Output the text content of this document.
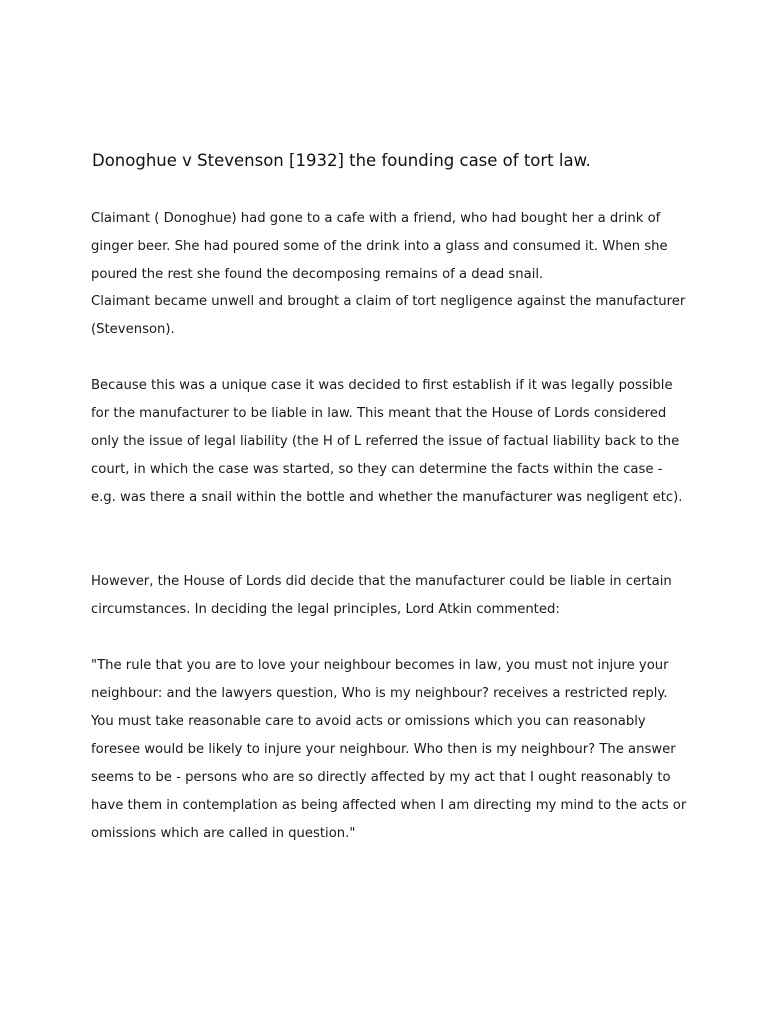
Donoghue v Stevenson [1932] the founding case of tort law.

Claimant ( Donoghue) had gone to a cafe with a friend, who had bought her a drink of ginger beer. She had poured some of the drink into a glass and consumed it. When she poured the rest she found the decomposing remains of a dead snail.

Claimant became unwell and brought a claim of tort negligence against the manufacturer (Stevenson).

Because this was a unique case it was decided to first establish if it was legally possible for the manufacturer to be liable in law. This meant that the House of Lords considered only the issue of legal liability (the H of L referred the issue of factual liability back to the court, in which the case was started, so they can determine the facts within the case - e.g. was there a snail within the bottle and whether the manufacturer was negligent etc).

However, the House of Lords did decide that the manufacturer could be liable in certain circumstances. In deciding the legal principles, Lord Atkin commented:

"The rule that you are to love your neighbour becomes in law, you must not injure your neighbour: and the lawyers question, Who is my neighbour? receives a restricted reply. You must take reasonable care to avoid acts or omissions which you can reasonably foresee would be likely to injure your neighbour. Who then is my neighbour? The answer seems to be - persons who are so directly affected by my act that I ought reasonably to have them in contemplation as being affected when I am directing my mind to the acts or omissions which are called in question."
